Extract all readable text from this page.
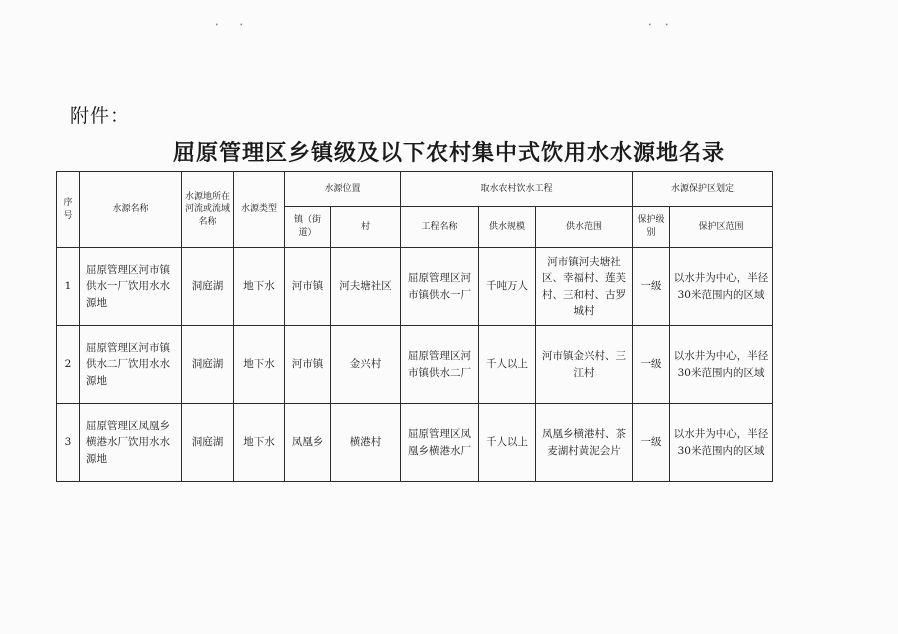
•           •	•       •
附件：
屈原管理区乡镇级及以下农村集中式饮用水水源地名录
序号	水源名称	水源地所在河流或流域名称	水源类型	水源位置		取水农村饮水工程			水源保护区划定	
				镇（街道）	村	工程名称	供水规模	供水范围	保护级别	保护区范围	
1	屈原管理区河市镇供水一厂饮用水水源地	洞庭湖	地下水	河市镇	河夫塘社区	屈原管理区河市镇供水一厂	千吨万人	河市镇河夫塘社区、幸福村、莲芙村、三和村、古罗城村	一级	以水井为中心，半径30米范围内的区域	
2	屈原管理区河市镇供水二厂饮用水水源地	洞庭湖	地下水	河市镇	金兴村	屈原管理区河市镇供水二厂	千人以上	河市镇金兴村、三江村	一级	以水井为中心，半径30米范围内的区域	
3	屈原管理区凤凰乡横港水厂饮用水水源地	洞庭湖	地下水	凤凰乡	横港村	屈原管理区凤凰乡横港水厂	千人以上	凤凰乡横港村、茶麦湖村黄泥会片	一级	以水井为中心，半径30米范围内的区域	
